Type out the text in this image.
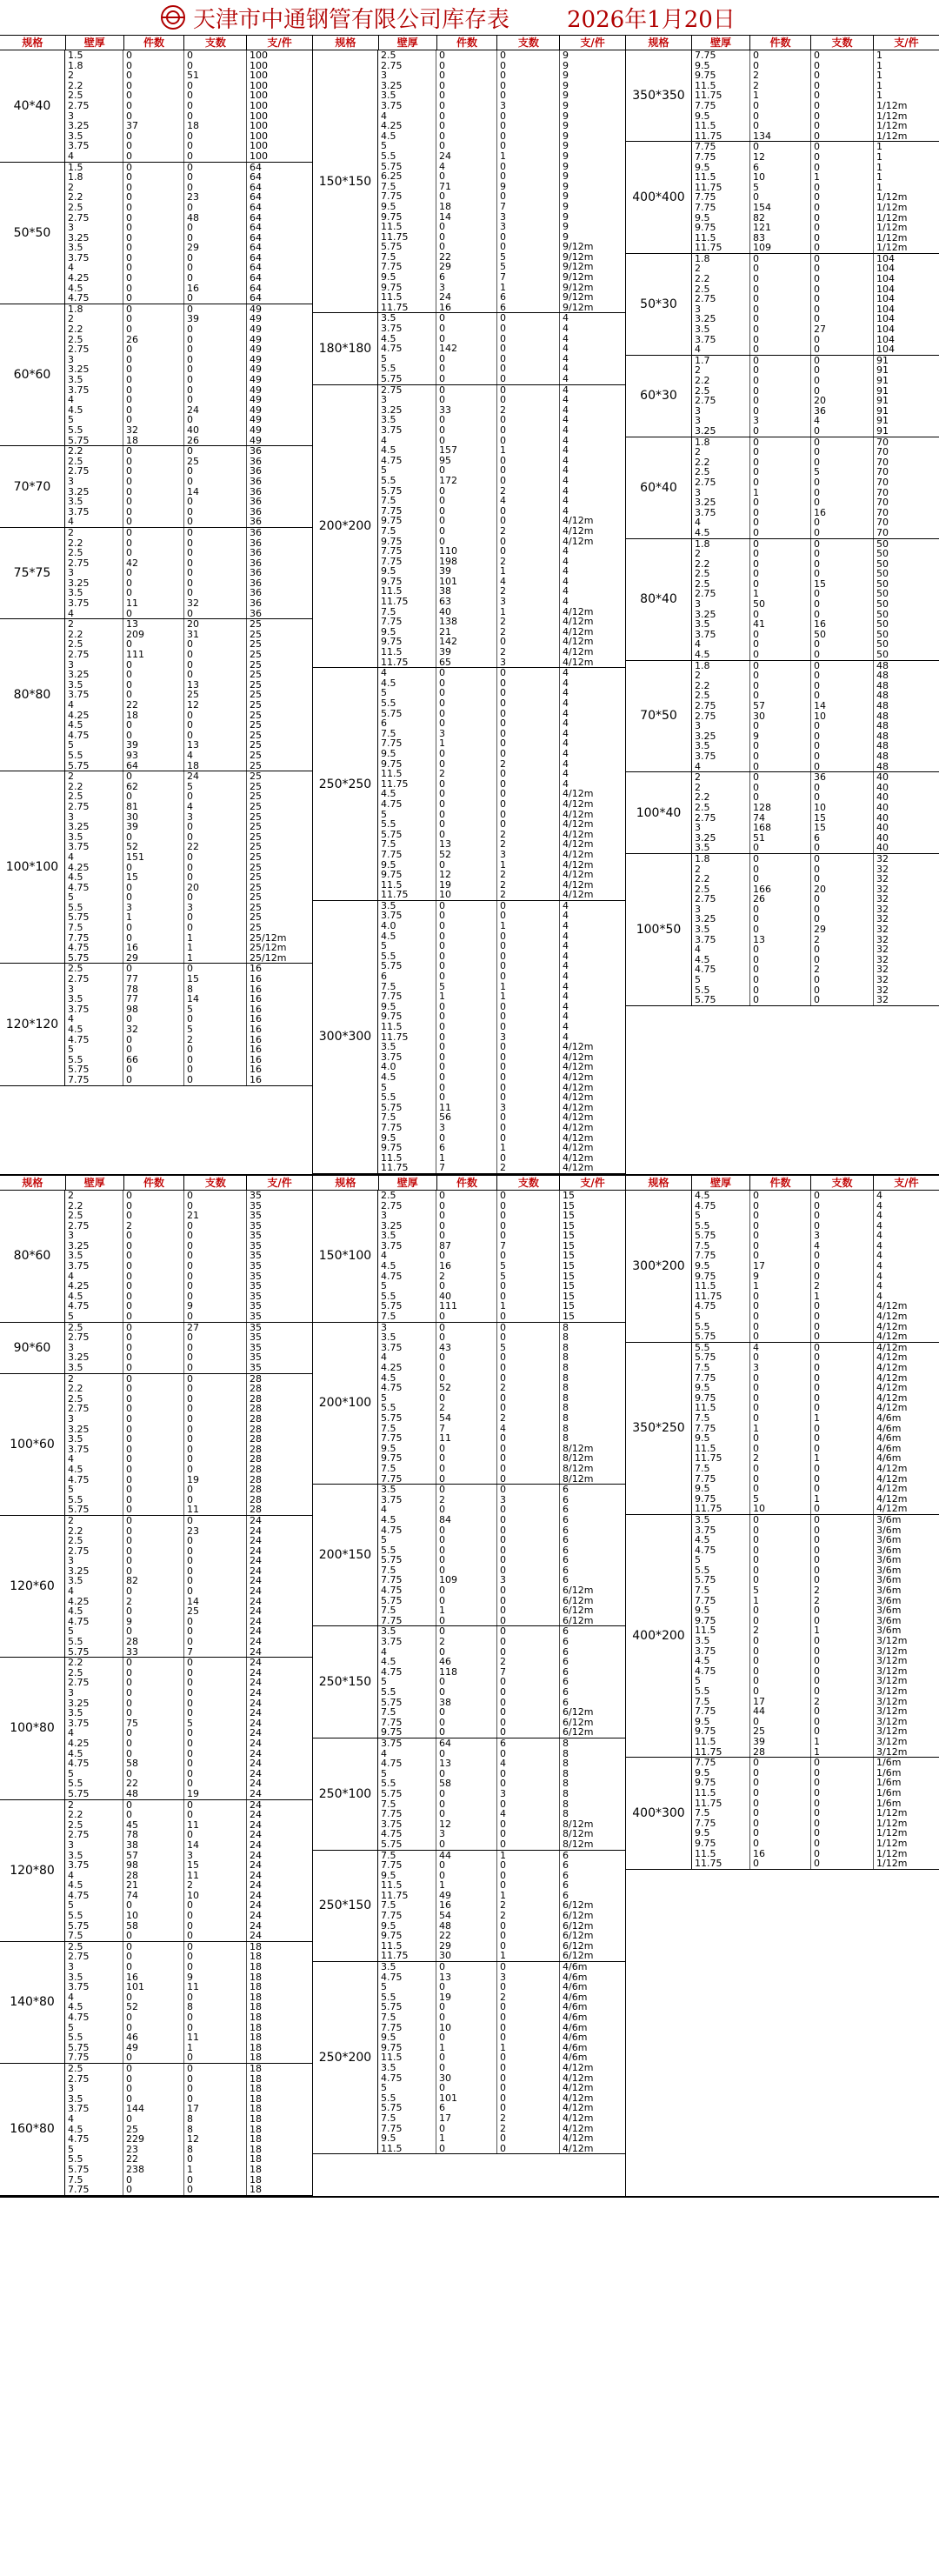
天津市中通钢管有限公司库存表	2026年1月20日
规格	壁厚	件数	支数	支/件
40*40
1.5	0	0	100
1.8	0	0	100
2	0	51	100
2.2	0	0	100
2.5	0	0	100
2.75	0	0	100
3	0	0	100
3.25	37	18	100
3.5	0	0	100
3.75	0	0	100
4	0	0	100
50*50
1.5	0	0	64
1.8	0	0	64
2	0	0	64
2.2	0	23	64
2.5	0	0	64
2.75	0	48	64
3	0	0	64
3.25	0	0	64
3.5	0	29	64
3.75	0	0	64
4	0	0	64
4.25	0	0	64
4.5	0	16	64
4.75	0	0	64
60*60
1.8	0	0	49
2	0	39	49
2.2	0	0	49
2.5	26	0	49
2.75	0	0	49
3	0	0	49
3.25	0	0	49
3.5	0	0	49
3.75	0	0	49
4	0	0	49
4.5	0	24	49
5	0	0	49
5.5	32	40	49
5.75	18	26	49
70*70
2.2	0	0	36
2.5	0	25	36
2.75	0	0	36
3	0	0	36
3.25	0	14	36
3.5	0	0	36
3.75	0	0	36
4	0	0	36
75*75
2	0	0	36
2.2	0	0	36
2.5	0	0	36
2.75	42	0	36
3	0	0	36
3.25	0	0	36
3.5	0	0	36
3.75	11	32	36
4	0	0	36
80*80
2	13	20	25
2.2	209	31	25
2.5	0	0	25
2.75	111	0	25
3	0	0	25
3.25	0	0	25
3.5	0	13	25
3.75	0	25	25
4	22	12	25
4.25	18	0	25
4.5	0	0	25
4.75	0	0	25
5	39	13	25
5.5	93	4	25
5.75	64	18	25
100*100
2	0	24	25
2.2	62	5	25
2.5	0	0	25
2.75	81	4	25
3	30	3	25
3.25	39	0	25
3.5	0	0	25
3.75	52	22	25
4	151	0	25
4.25	0	0	25
4.5	15	0	25
4.75	0	20	25
5	0	0	25
5.5	3	3	25
5.75	1	0	25
7.5	0	0	25
7.75	0	1	25/12m
4.75	16	1	25/12m
5.75	29	1	25/12m
120*120
2.5	0	0	16
2.75	77	15	16
3	78	8	16
3.5	77	14	16
3.75	98	5	16
4	0	0	16
4.5	32	5	16
4.75	0	2	16
5	0	0	16
5.5	66	0	16
5.75	0	0	16
7.75	0	0	16
规格	壁厚	件数	支数	支/件
150*150
2.5	0	0	9
2.75	0	0	9
3	0	0	9
3.25	0	0	9
3.5	0	0	9
3.75	0	3	9
4	0	0	9
4.25	0	0	9
4.5	0	0	9
5	0	0	9
5.5	24	1	9
5.75	4	0	9
6.25	0	0	9
7.5	71	9	9
7.75	0	0	9
9.5	18	7	9
9.75	14	3	9
11.5	0	3	9
11.75	0	0	9
5.75	0	0	9/12m
7.5	22	5	9/12m
7.75	29	5	9/12m
9.5	6	7	9/12m
9.75	3	1	9/12m
11.5	24	6	9/12m
11.75	16	6	9/12m
180*180
3.5	0	0	4
3.75	0	0	4
4.5	0	0	4
4.75	142	0	4
5	0	0	4
5.5	0	0	4
5.75	0	0	4
200*200
2.75	0	0	4
3	0	0	4
3.25	33	2	4
3.5	0	0	4
3.75	0	0	4
4	0	0	4
4.5	157	1	4
4.75	95	0	4
5	0	0	4
5.5	172	0	4
5.75	0	2	4
7.5	0	4	4
7.75	0	0	4
9.75	0	0	4/12m
7.5	0	2	4/12m
9.75	0	0	4/12m
7.75	110	0	4
7.75	198	2	4
9.5	39	1	4
9.75	101	4	4
11.5	38	2	4
11.75	63	3	4
7.5	40	1	4/12m
7.75	138	2	4/12m
9.5	21	2	4/12m
9.75	142	0	4/12m
11.5	39	2	4/12m
11.75	65	3	4/12m
250*250
4	0	0	4
4.5	0	0	4
5	0	0	4
5.5	0	0	4
5.75	0	0	4
6	0	0	4
7.5	3	0	4
7.75	1	0	4
9.5	0	0	4
9.75	0	2	4
11.5	2	0	4
11.75	0	0	4
4.5	0	0	4/12m
4.75	0	0	4/12m
5	0	0	4/12m
5.5	0	0	4/12m
5.75	0	2	4/12m
7.5	13	2	4/12m
7.75	52	3	4/12m
9.5	0	1	4/12m
9.75	12	2	4/12m
11.5	19	2	4/12m
11.75	10	2	4/12m
300*300
3.5	0	0	4
3.75	0	0	4
4.0	0	1	4
4.5	0	0	4
5	0	0	4
5.5	0	0	4
5.75	0	0	4
6	0	0	4
7.5	5	1	4
7.75	1	1	4
9.5	0	0	4
9.75	0	0	4
11.5	0	0	4
11.75	0	3	4
3.5	0	0	4/12m
3.75	0	0	4/12m
4.0	0	0	4/12m
4.5	0	0	4/12m
5	0	0	4/12m
5.5	0	0	4/12m
5.75	11	3	4/12m
7.5	56	0	4/12m
7.75	3	0	4/12m
9.5	0	0	4/12m
9.75	6	1	4/12m
11.5	1	0	4/12m
11.75	7	2	4/12m
规格	壁厚	件数	支数	支/件
350*350
7.75	0	0	1
9.5	0	0	1
9.75	2	0	1
11.5	2	0	1
11.75	1	0	1
7.75	0	0	1/12m
9.5	0	0	1/12m
11.5	0	0	1/12m
11.75	134	0	1/12m
400*400
7.75	0	0	1
7.75	12	0	1
9.5	6	0	1
11.5	10	1	1
11.75	5	0	1
7.75	0	0	1/12m
7.75	154	0	1/12m
9.5	82	0	1/12m
9.75	121	0	1/12m
11.5	83	0	1/12m
11.75	109	0	1/12m
50*30
1.8	0	0	104
2	0	0	104
2.2	0	0	104
2.5	0	0	104
2.75	0	0	104
3	0	0	104
3.25	0	0	104
3.5	0	27	104
3.75	0	0	104
4	0	0	104
60*30
1.7	0	0	91
2	0	0	91
2.2	0	0	91
2.5	0	0	91
2.75	0	20	91
3	0	36	91
3	3	4	91
3.25	0	0	91
60*40
1.8	0	0	70
2	0	0	70
2.2	0	0	70
2.5	0	5	70
2.75	0	0	70
3	1	0	70
3.25	0	0	70
3.75	0	16	70
4	0	0	70
4.5	0	0	70
80*40
1.8	0	0	50
2	0	0	50
2.2	0	0	50
2.5	0	0	50
2.5	0	15	50
2.75	1	0	50
3	50	0	50
3.25	0	0	50
3.5	41	16	50
3.75	0	50	50
4	0	0	50
4.5	0	0	50
70*50
1.8	0	0	48
2	0	0	48
2.2	0	0	48
2.5	0	0	48
2.75	57	14	48
2.75	30	10	48
3	0	0	48
3.25	9	0	48
3.5	0	0	48
3.75	0	0	48
4	0	0	48
100*40
2	0	36	40
2	0	0	40
2.2	0	0	40
2.5	128	10	40
2.75	74	15	40
3	168	15	40
3.25	51	6	40
3.5	0	0	40
100*50
1.8	0	0	32
2	0	0	32
2.2	0	0	32
2.5	166	20	32
2.75	26	0	32
3	0	0	32
3.25	0	0	32
3.5	0	29	32
3.75	13	2	32
4	0	0	32
4.5	0	0	32
4.75	0	2	32
5	0	0	32
5.5	0	0	32
5.75	0	0	32
规格	壁厚	件数	支数	支/件
80*60
2	0	0	35
2.2	0	0	35
2.5	0	21	35
2.75	2	0	35
3	0	0	35
3.25	0	0	35
3.5	0	0	35
3.75	0	0	35
4	0	0	35
4.25	0	0	35
4.5	0	0	35
4.75	0	9	35
5	0	0	35
90*60
2.5	0	27	35
2.75	0	0	35
3	0	0	35
3.25	0	0	35
3.5	0	0	35
100*60
2	0	0	28
2.2	0	0	28
2.5	0	0	28
2.75	0	0	28
3	0	0	28
3.25	0	0	28
3.5	0	0	28
3.75	0	0	28
4	0	0	28
4.5	0	0	28
4.75	0	19	28
5	0	0	28
5.5	0	0	28
5.75	0	11	28
120*60
2	0	0	24
2.2	0	23	24
2.5	0	0	24
2.75	0	0	24
3	0	0	24
3.25	0	0	24
3.5	82	0	24
4	0	0	24
4.25	2	14	24
4.5	0	25	24
4.75	9	0	24
5	0	0	24
5.5	28	0	24
5.75	33	7	24
100*80
2.2	0	0	24
2.5	0	0	24
2.75	0	0	24
3	0	0	24
3.25	0	0	24
3.5	0	0	24
3.75	75	5	24
4	0	0	24
4.25	0	0	24
4.5	0	0	24
4.75	58	0	24
5	0	0	24
5.5	22	0	24
5.75	48	19	24
120*80
2	0	0	24
2.2	0	0	24
2.5	45	11	24
2.75	78	0	24
3	38	14	24
3.5	57	3	24
3.75	98	15	24
4	28	11	24
4.5	21	2	24
4.75	74	10	24
5	0	0	24
5.5	10	0	24
5.75	58	0	24
7.5	0	0	24
140*80
2.5	0	0	18
2.75	0	0	18
3	0	0	18
3.5	16	9	18
3.75	101	11	18
4	0	0	18
4.5	52	8	18
4.75	0	0	18
5	0	0	18
5.5	46	11	18
5.75	49	1	18
7.75	0	0	18
160*80
2.5	0	0	18
2.75	0	0	18
3	0	0	18
3.5	0	0	18
3.75	144	17	18
4	0	8	18
4.5	25	8	18
4.75	229	12	18
5	23	8	18
5.5	22	0	18
5.75	238	1	18
7.5	0	0	18
7.75	0	0	18
规格	壁厚	件数	支数	支/件
150*100
2.5	0	0	15
2.75	0	0	15
3	0	0	15
3.25	0	0	15
3.5	0	0	15
3.75	87	7	15
4	0	0	15
4.5	16	5	15
4.75	2	5	15
5	0	0	15
5.5	40	0	15
5.75	111	1	15
7.5	0	0	15
200*100
3	0	0	8
3.5	0	0	8
3.75	43	5	8
4	0	0	8
4.25	0	0	8
4.5	0	0	8
4.75	52	2	8
5	0	0	8
5.5	2	0	8
5.75	54	2	8
7.5	7	4	8
7.75	11	0	8
9.5	0	0	8/12m
9.75	0	0	8/12m
7.5	0	0	8/12m
7.75	0	0	8/12m
200*150
3.5	0	0	6
3.75	2	3	6
4	0	0	6
4.5	84	0	6
4.75	0	0	6
5	0	0	6
5.5	0	0	6
5.75	0	0	6
7.5	0	0	6
7.75	109	3	6
4.75	0	0	6/12m
5.75	0	0	6/12m
7.5	1	0	6/12m
7.75	0	0	6/12m
250*150
3.5	0	0	6
3.75	2	0	6
4	0	0	6
4.5	46	2	6
4.75	118	7	6
5	0	0	6
5.5	0	0	6
5.75	38	0	6
7.5	0	0	6/12m
7.75	0	0	6/12m
9.75	0	0	6/12m
250*100
3.75	64	6	8
4	0	0	8
4.75	13	4	8
5	0	0	8
5.5	58	0	8
5.75	0	3	8
7.5	0	0	8
7.75	0	4	8
3.75	12	0	8/12m
4.75	3	0	8/12m
5.75	0	0	8/12m
250*150
7.5	44	1	6
7.75	0	0	6
9.5	0	0	6
11.5	1	0	6
11.75	49	1	6
7.5	16	2	6/12m
7.75	54	2	6/12m
9.5	48	0	6/12m
9.75	22	0	6/12m
11.5	29	0	6/12m
11.75	30	1	6/12m
250*200
3.5	0	0	4/6m
4.75	13	3	4/6m
5	0	0	4/6m
5.5	19	2	4/6m
5.75	0	0	4/6m
7.5	0	0	4/6m
7.75	10	0	4/6m
9.5	0	0	4/6m
9.75	1	1	4/6m
11.5	0	0	4/6m
3.5	0	0	4/12m
4.75	30	0	4/12m
5	0	0	4/12m
5.5	101	0	4/12m
5.75	6	0	4/12m
7.5	17	2	4/12m
7.75	0	2	4/12m
9.5	1	0	4/12m
11.5	0	0	4/12m
规格	壁厚	件数	支数	支/件
300*200
4.5	0	0	4
4.75	0	0	4
5	0	0	4
5.5	0	0	4
5.75	0	3	4
7.5	0	4	4
7.75	0	0	4
9.5	17	0	4
9.75	9	0	4
11.5	1	2	4
11.75	0	1	4
4.75	0	0	4/12m
5	0	0	4/12m
5.5	0	0	4/12m
5.75	0	0	4/12m
350*250
5.5	4	0	4/12m
5.75	0	0	4/12m
7.5	3	0	4/12m
7.75	0	0	4/12m
9.5	0	0	4/12m
9.75	0	0	4/12m
11.5	0	0	4/12m
7.5	0	1	4/6m
7.75	1	0	4/6m
9.5	0	0	4/6m
11.5	0	0	4/6m
11.75	2	1	4/6m
7.5	0	0	4/12m
7.75	0	0	4/12m
9.5	0	0	4/12m
9.75	5	1	4/12m
11.75	10	0	4/12m
400*200
3.5	0	0	3/6m
3.75	0	0	3/6m
4.5	0	0	3/6m
4.75	0	0	3/6m
5	0	0	3/6m
5.5	0	0	3/6m
5.75	0	0	3/6m
7.5	5	2	3/6m
7.75	1	2	3/6m
9.5	0	0	3/6m
9.75	0	0	3/6m
11.5	2	1	3/6m
3.5	0	0	3/12m
3.75	0	0	3/12m
4.5	0	0	3/12m
4.75	0	0	3/12m
5	0	0	3/12m
5.5	0	0	3/12m
7.5	17	2	3/12m
7.75	44	0	3/12m
9.5	0	0	3/12m
9.75	25	0	3/12m
11.5	39	1	3/12m
11.75	28	1	3/12m
400*300
7.75	0	0	1/6m
9.5	0	0	1/6m
9.75	0	0	1/6m
11.5	0	0	1/6m
11.75	0	0	1/6m
7.5	0	0	1/12m
7.75	0	0	1/12m
9.5	0	0	1/12m
9.75	0	0	1/12m
11.5	16	0	1/12m
11.75	0	0	1/12m
